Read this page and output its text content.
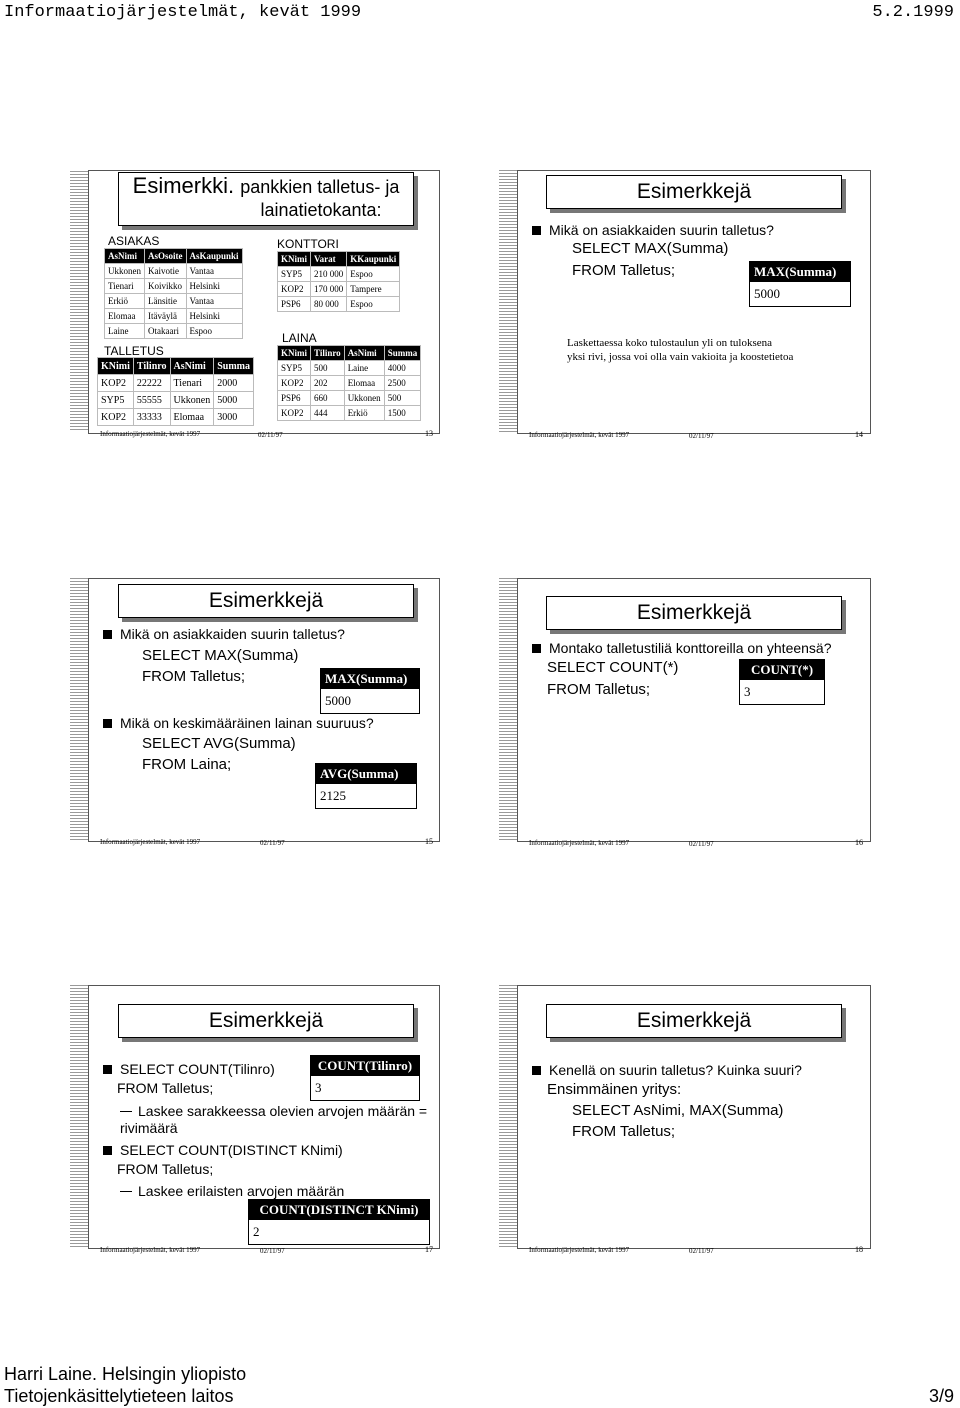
Informaatiojärjestelmät, kevät 1999	5.2.1999
Esimerkki. pankkien talletus- ja
lainatietokanta:
ASIAKAS
AsNimi	AsOsoite	AsKaupunki
Ukkonen	Kaivotie	Vantaa
Tienari	Koivikko	Helsinki
Erkiö	Länsitie	Vantaa
Elomaa	Itäväylä	Helsinki
Laine	Otakaari	Espoo
TALLETUS
KNimi	Tilinro	AsNimi	Summa
KOP2	22222	Tienari	2000
SYP5	55555	Ukkonen	5000
KOP2	33333	Elomaa	3000
KONTTORI
KNimi	Varat	KKaupunki
SYP5	210 000	Espoo
KOP2	170 000	Tampere
PSP6	80 000	Espoo
LAINA
KNimi	Tilinro	AsNimi	Summa
SYP5	500	Laine	4000
KOP2	202	Elomaa	2500
PSP6	660	Ukkonen	500
KOP2	444	Erkiö	1500
Informaatiojärjestelmät, kevät 1997	02/11/97	13
Esimerkkejä
Mikä on asiakkaiden suurin talletus?
SELECT MAX(Summa)
FROM Talletus;	MAX(Summa)
5000
Laskettaessa koko tulostaulun yli on tuloksena
yksi rivi, jossa voi olla vain vakioita ja koostetietoa
Informaatiojärjestelmät, kevät 1997	02/11/97	14
Esimerkkejä
Mikä on asiakkaiden suurin talletus?
SELECT MAX(Summa)
FROM Talletus;	MAX(Summa)
5000
Mikä on keskimääräinen lainan suuruus?
SELECT AVG(Summa)
FROM Laina;
AVG(Summa)
2125
Informaatiojärjestelmät, kevät 1997	02/11/97	15
Esimerkkejä
Montako talletustiliä konttoreilla on yhteensä?
SELECT COUNT(*)
FROM Talletus;
COUNT(*)
3
Informaatiojärjestelmät, kevät 1997	02/11/97	16
Esimerkkejä
SELECT COUNT(Tilinro)
FROM Talletus;
COUNT(Tilinro)
3
Laskee sarakkeessa olevien arvojen määrän =
rivimäärä
SELECT COUNT(DISTINCT KNimi)
FROM Talletus;
Laskee erilaisten arvojen määrän
COUNT(DISTINCT KNimi)
2
Informaatiojärjestelmät, kevät 1997	02/11/97	17
Esimerkkejä
Kenellä on suurin talletus? Kuinka suuri?
Ensimmäinen yritys:
SELECT AsNimi, MAX(Summa)
FROM Talletus;
Informaatiojärjestelmät, kevät 1997	02/11/97	18
Harri Laine. Helsingin yliopisto
Tietojenkäsittelytieteen laitos	3/9
